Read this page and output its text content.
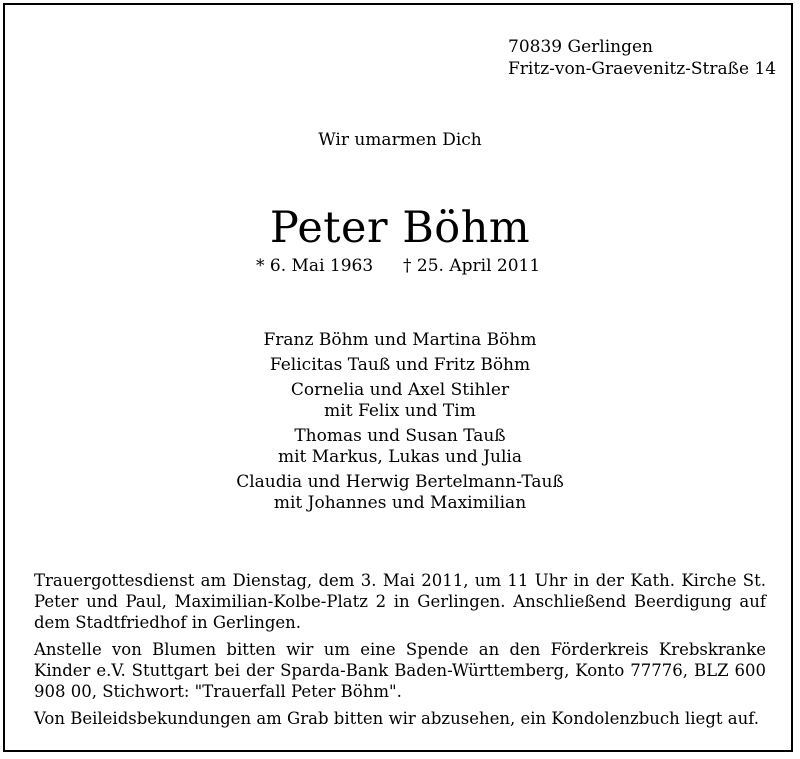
70839 Gerlingen
Fritz-von-Graevenitz-Straße 14
Wir umarmen Dich
Peter Böhm
* 6. Mai 1963 † 25. April 2011
Franz Böhm und Martina Böhm
Felicitas Tauß und Fritz Böhm
Cornelia und Axel Stihler
mit Felix und Tim
Thomas und Susan Tauß
mit Markus, Lukas und Julia
Claudia und Herwig Bertelmann-Tauß
mit Johannes und Maximilian

Trauergottesdienst am Dienstag, dem 3. Mai 2011, um 11 Uhr in der Kath. Kirche St. Peter und Paul, Maximilian-Kolbe-Platz 2 in Gerlingen. Anschließend Beerdigung auf dem Stadtfriedhof in Gerlingen.

Anstelle von Blumen bitten wir um eine Spende an den Förderkreis Krebskranke Kinder e.V. Stuttgart bei der Sparda-Bank Baden-Württemberg, Konto 77776, BLZ 600 908 00, Stichwort: "Trauerfall Peter Böhm".

Von Beileidsbekundungen am Grab bitten wir abzusehen, ein Kondolenzbuch liegt auf.
